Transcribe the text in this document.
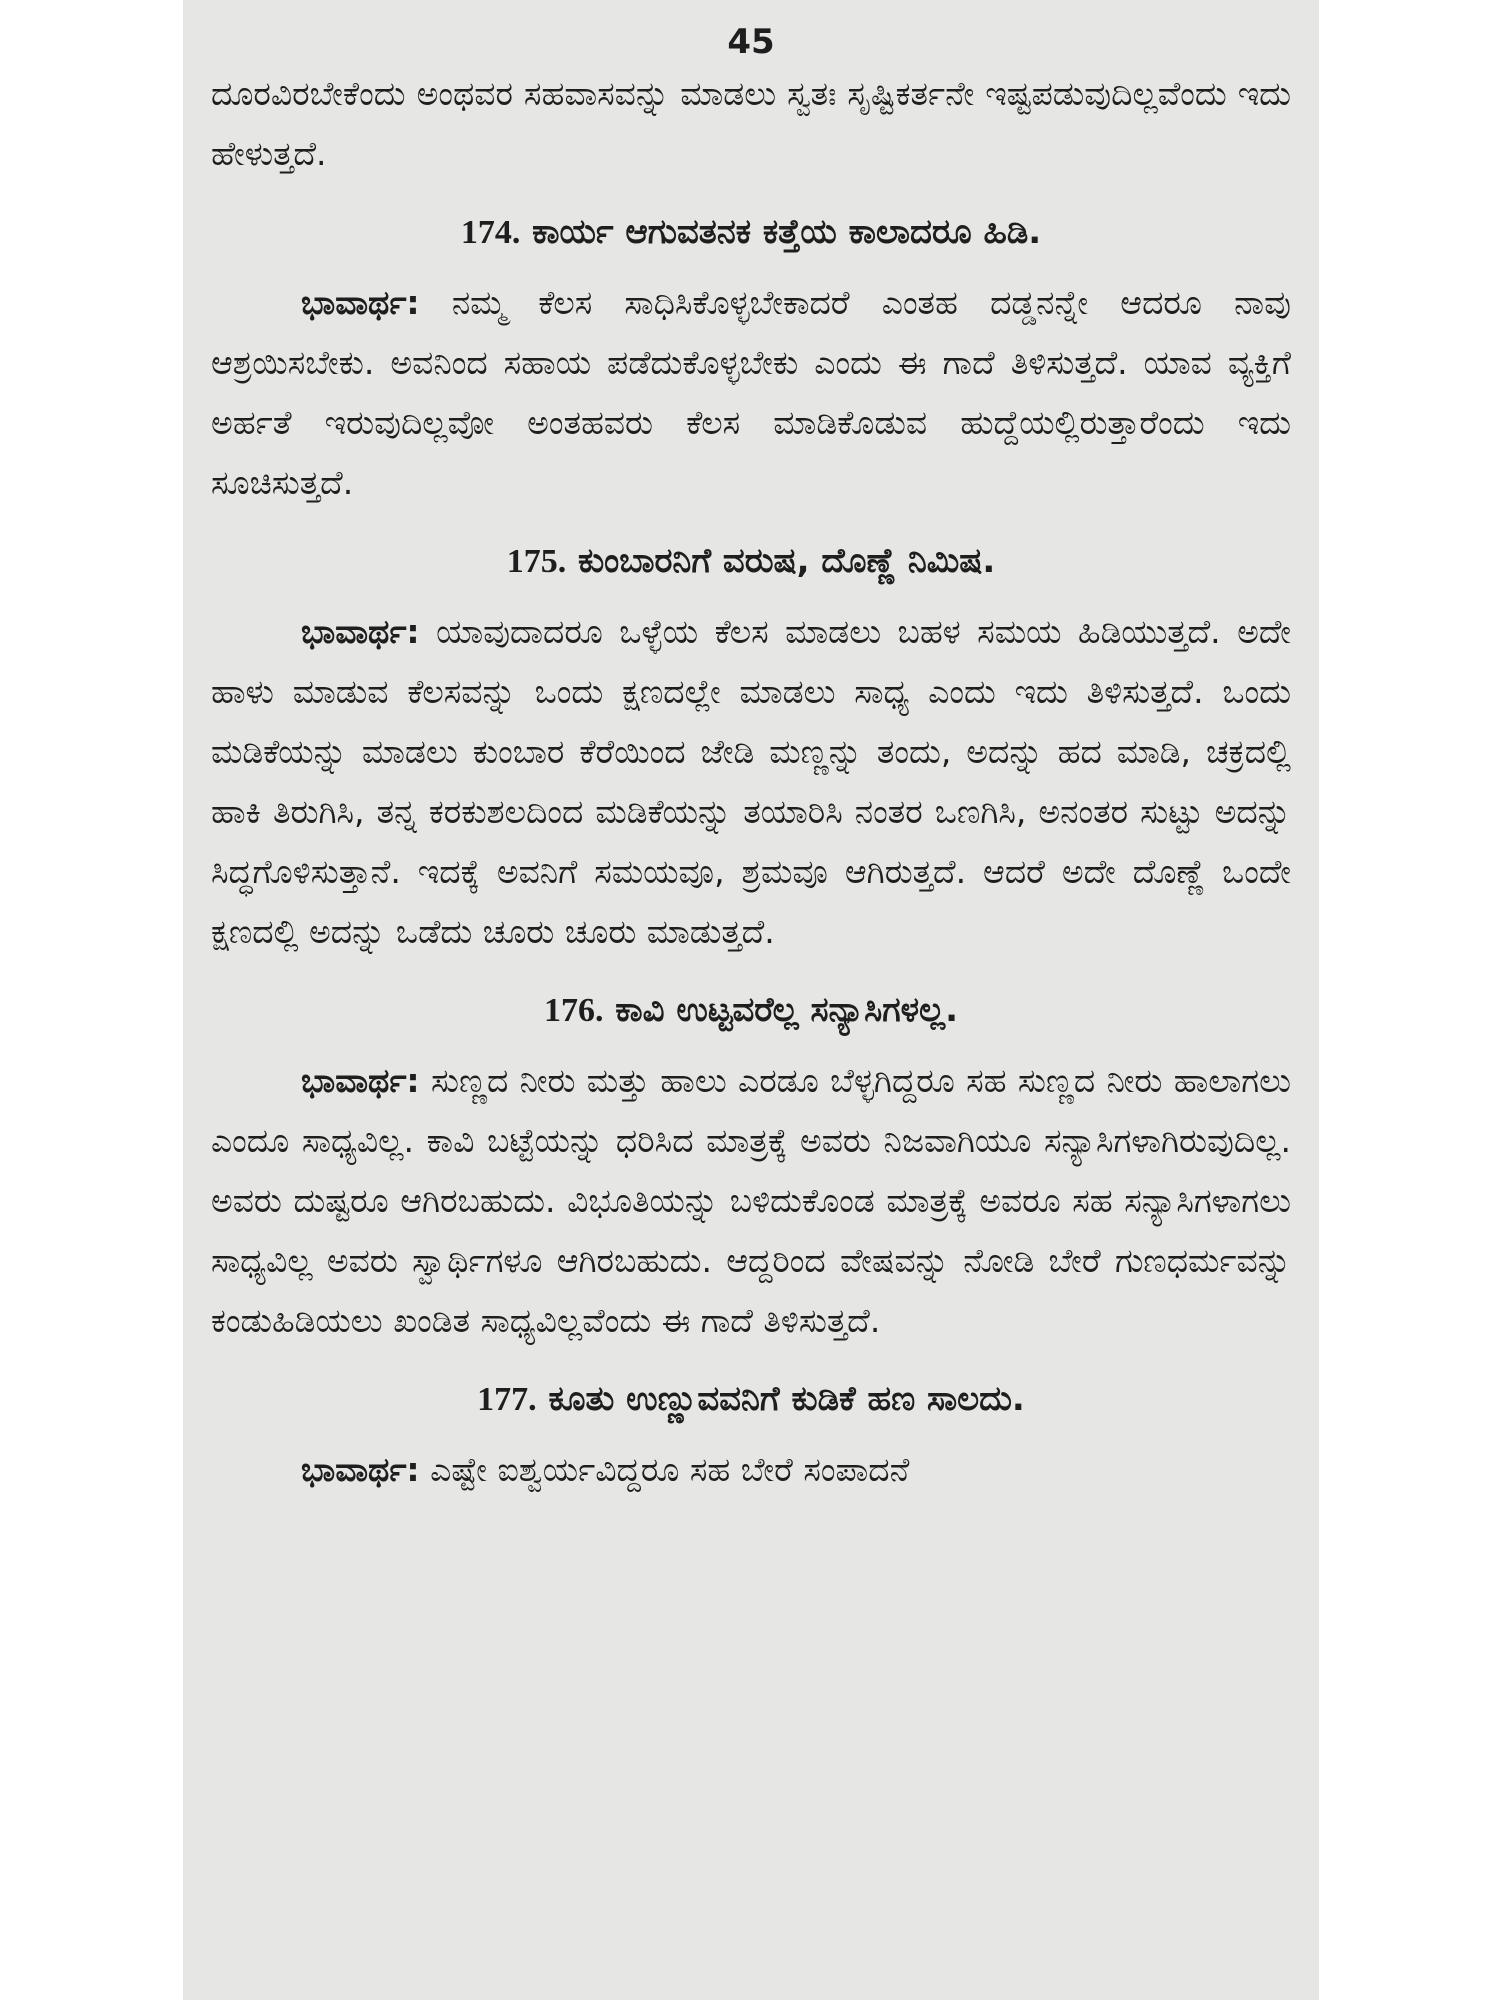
45

ದೂರವಿರಬೇಕೆಂದು ಅಂಥವರ ಸಹವಾಸವನ್ನು ಮಾಡಲು ಸ್ವತಃ ಸೃಷ್ಟಿಕರ್ತನೇ ಇಷ್ಟಪಡುವುದಿಲ್ಲವೆಂದು ಇದು ಹೇಳುತ್ತದೆ.

174. ಕಾರ್ಯ ಆಗುವತನಕ ಕತ್ತೆಯ ಕಾಲಾದರೂ ಹಿಡಿ.

ಭಾವಾರ್ಥ: ನಮ್ಮ ಕೆಲಸ ಸಾಧಿಸಿಕೊಳ್ಳಬೇಕಾದರೆ ಎಂತಹ ದಡ್ಡನನ್ನೇ ಆದರೂ ನಾವು ಆಶ್ರಯಿಸಬೇಕು. ಅವನಿಂದ ಸಹಾಯ ಪಡೆದುಕೊಳ್ಳಬೇಕು ಎಂದು ಈ ಗಾದೆ ತಿಳಿಸುತ್ತದೆ. ಯಾವ ವ್ಯಕ್ತಿಗೆ ಅರ್ಹತೆ ಇರುವುದಿಲ್ಲವೋ ಅಂತಹವರು ಕೆಲಸ ಮಾಡಿಕೊಡುವ ಹುದ್ದೆಯಲ್ಲಿರುತ್ತಾರೆಂದು ಇದು ಸೂಚಿಸುತ್ತದೆ.

175. ಕುಂಬಾರನಿಗೆ ವರುಷ, ದೊಣ್ಣೆ ನಿಮಿಷ.

ಭಾವಾರ್ಥ: ಯಾವುದಾದರೂ ಒಳ್ಳೆಯ ಕೆಲಸ ಮಾಡಲು ಬಹಳ ಸಮಯ ಹಿಡಿಯುತ್ತದೆ. ಅದೇ ಹಾಳು ಮಾಡುವ ಕೆಲಸವನ್ನು ಒಂದು ಕ್ಷಣದಲ್ಲೇ ಮಾಡಲು ಸಾಧ್ಯ ಎಂದು ಇದು ತಿಳಿಸುತ್ತದೆ. ಒಂದು ಮಡಿಕೆಯನ್ನು ಮಾಡಲು ಕುಂಬಾರ ಕೆರೆಯಿಂದ ಜೇಡಿ ಮಣ್ಣನ್ನು ತಂದು, ಅದನ್ನು ಹದ ಮಾಡಿ, ಚಕ್ರದಲ್ಲಿ ಹಾಕಿ ತಿರುಗಿಸಿ, ತನ್ನ ಕರಕುಶಲದಿಂದ ಮಡಿಕೆಯನ್ನು ತಯಾರಿಸಿ ನಂತರ ಒಣಗಿಸಿ, ಅನಂತರ ಸುಟ್ಟು ಅದನ್ನು ಸಿದ್ಧಗೊಳಿಸುತ್ತಾನೆ. ಇದಕ್ಕೆ ಅವನಿಗೆ ಸಮಯವೂ, ಶ್ರಮವೂ ಆಗಿರುತ್ತದೆ. ಆದರೆ ಅದೇ ದೊಣ್ಣೆ ಒಂದೇ ಕ್ಷಣದಲ್ಲಿ ಅದನ್ನು ಒಡೆದು ಚೂರು ಚೂರು ಮಾಡುತ್ತದೆ.

176. ಕಾವಿ ಉಟ್ಟವರೆಲ್ಲ ಸನ್ಯಾಸಿಗಳಲ್ಲ.

ಭಾವಾರ್ಥ: ಸುಣ್ಣದ ನೀರು ಮತ್ತು ಹಾಲು ಎರಡೂ ಬೆಳ್ಳಗಿದ್ದರೂ ಸಹ ಸುಣ್ಣದ ನೀರು ಹಾಲಾಗಲು ಎಂದೂ ಸಾಧ್ಯವಿಲ್ಲ. ಕಾವಿ ಬಟ್ಟೆಯನ್ನು ಧರಿಸಿದ ಮಾತ್ರಕ್ಕೆ ಅವರು ನಿಜವಾಗಿಯೂ ಸನ್ಯಾಸಿಗಳಾಗಿರುವುದಿಲ್ಲ. ಅವರು ದುಷ್ಟರೂ ಆಗಿರಬಹುದು. ವಿಭೂತಿಯನ್ನು ಬಳಿದುಕೊಂಡ ಮಾತ್ರಕ್ಕೆ ಅವರೂ ಸಹ ಸನ್ಯಾಸಿಗಳಾಗಲು ಸಾಧ್ಯವಿಲ್ಲ ಅವರು ಸ್ವಾರ್ಥಿಗಳೂ ಆಗಿರಬಹುದು. ಆದ್ದರಿಂದ ವೇಷವನ್ನು ನೋಡಿ ಬೇರೆ ಗುಣಧರ್ಮವನ್ನು ಕಂಡುಹಿಡಿಯಲು ಖಂಡಿತ ಸಾಧ್ಯವಿಲ್ಲವೆಂದು ಈ ಗಾದೆ ತಿಳಿಸುತ್ತದೆ.

177. ಕೂತು ಉಣ್ಣುವವನಿಗೆ ಕುಡಿಕೆ ಹಣ ಸಾಲದು.

ಭಾವಾರ್ಥ: ಎಷ್ಟೇ ಐಶ್ವರ್ಯವಿದ್ದರೂ ಸಹ ಬೇರೆ ಸಂಪಾದನೆ
